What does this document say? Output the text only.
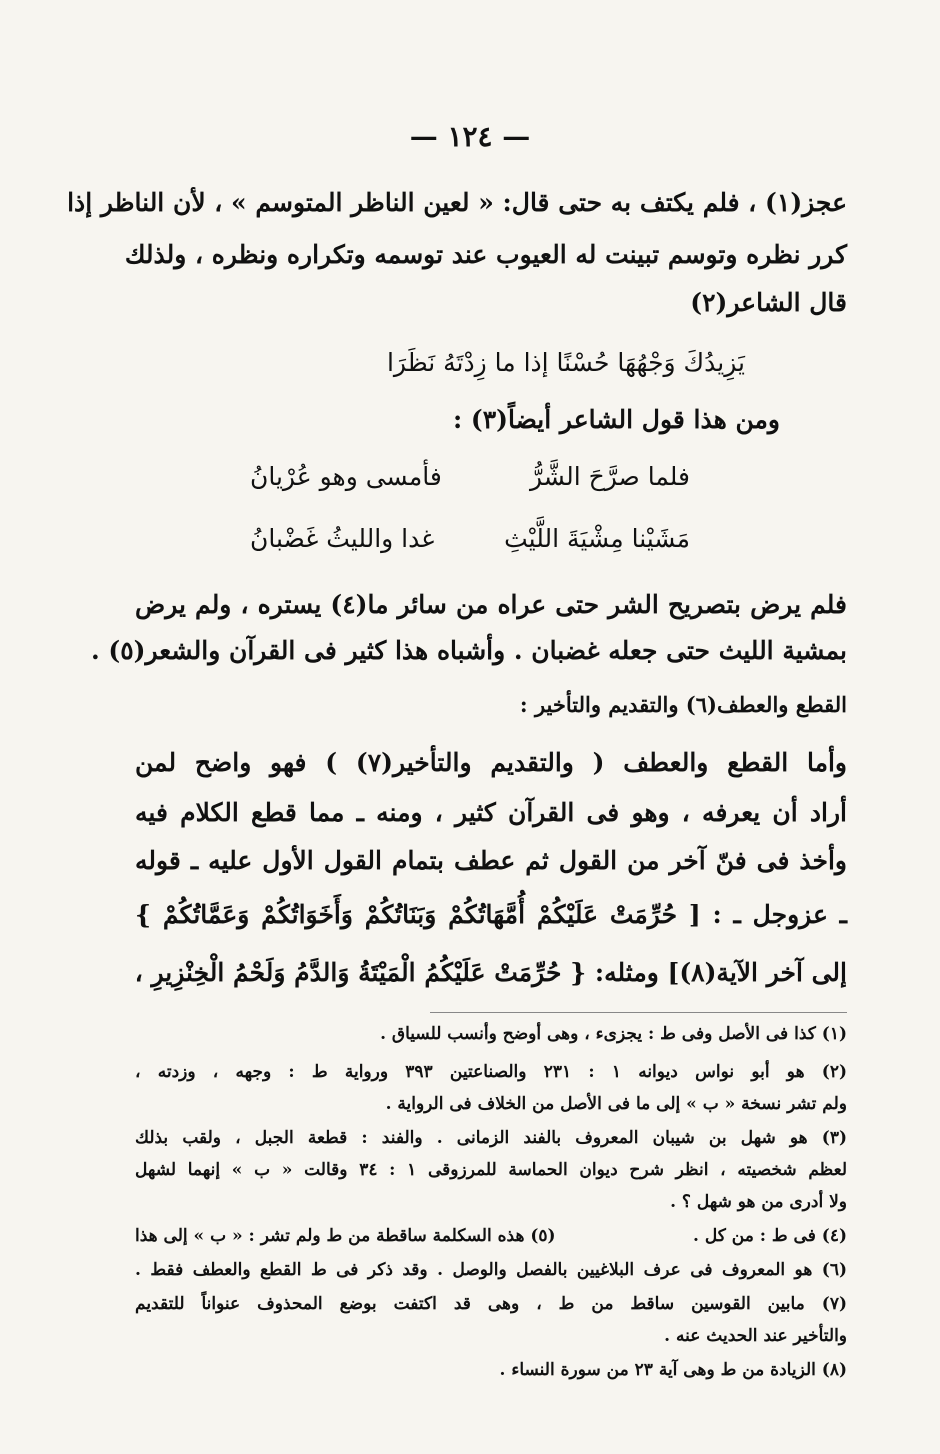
— ١٢٤ —
عجز(١) ، فلم يكتف به حتى قال: « لعين الناظر المتوسم » ، لأن الناظر إذا
كرر نظره وتوسم تبينت له العيوب عند توسمه وتكراره ونظره ، ولذلك
قال الشاعر(٢)
يَزِيدُكَ وَجْهُهَا حُسْنًا إذا ما زِدْتَهُ نَظَرَا
ومن هذا قول الشاعر أيضاً(٣) :
فلما صرَّحَ الشَّرُّ
فأمسى وهو عُرْيانُ
مَشَيْنا مِشْيَةَ اللَّيْثِ
غدا والليثُ غَضْبانُ
فلم يرض بتصريح الشر حتى عراه من سائر ما(٤) يستره ، ولم يرض
بمشية الليث حتى جعله غضبان . وأشباه هذا كثير فى القرآن والشعر(٥) .
القطع والعطف(٦) والتقديم والتأخير :
وأما القطع والعطف ( والتقديم والتأخير(٧) ) فهو واضح لمن
أراد أن يعرفه ، وهو فى القرآن كثير ، ومنه ـ مما قطع الكلام فيه
وأخذ فى فنّ آخر من القول ثم عطف بتمام القول الأول عليه ـ قوله
ـ عزوجل ـ : [ حُرِّمَتْ عَلَيْكُمْ أُمَّهَاتُكُمْ وَبَنَاتُكُمْ وَأَخَوَاتُكُمْ وَعَمَّاتُكُمْ }
إلى آخر الآية(٨)] ومثله: { حُرِّمَتْ عَلَيْكُمُ الْمَيْتَةُ وَالدَّمُ وَلَحْمُ الْخِنْزِيرِ ،
(١) كذا فى الأصل وفى ط : يجزىء ، وهى أوضح وأنسب للسياق .
(٢) هو أبو نواس ديوانه ١ : ٢٣١ والصناعتين ٣٩٣ ورواية ط : وجهه ، وزدته ،
ولم تشر نسخة « ب » إلى ما فى الأصل من الخلاف فى الرواية .
(٣) هو شهل بن شيبان المعروف بالفند الزمانى . والفند : قطعة الجبل ، ولقب بذلك
لعظم شخصيته ، انظر شرح ديوان الحماسة للمرزوقى ١ : ٣٤ وقالت « ب » إنهما لشهل
ولا أدرى من هو شهل ؟ .
(٤) فى ط : من كل .
(٥) هذه السكلمة ساقطة من ط ولم تشر : « ب » إلى هذا
(٦) هو المعروف فى عرف البلاغيين بالفصل والوصل . وقد ذكر فى ط القطع والعطف فقط .
(٧) مابين القوسين ساقط من ط ، وهى قد اكتفت بوضع المحذوف عنواناً للتقديم
والتأخير عند الحديث عنه .
(٨) الزيادة من ط وهى آية ٢٣ من سورة النساء .
